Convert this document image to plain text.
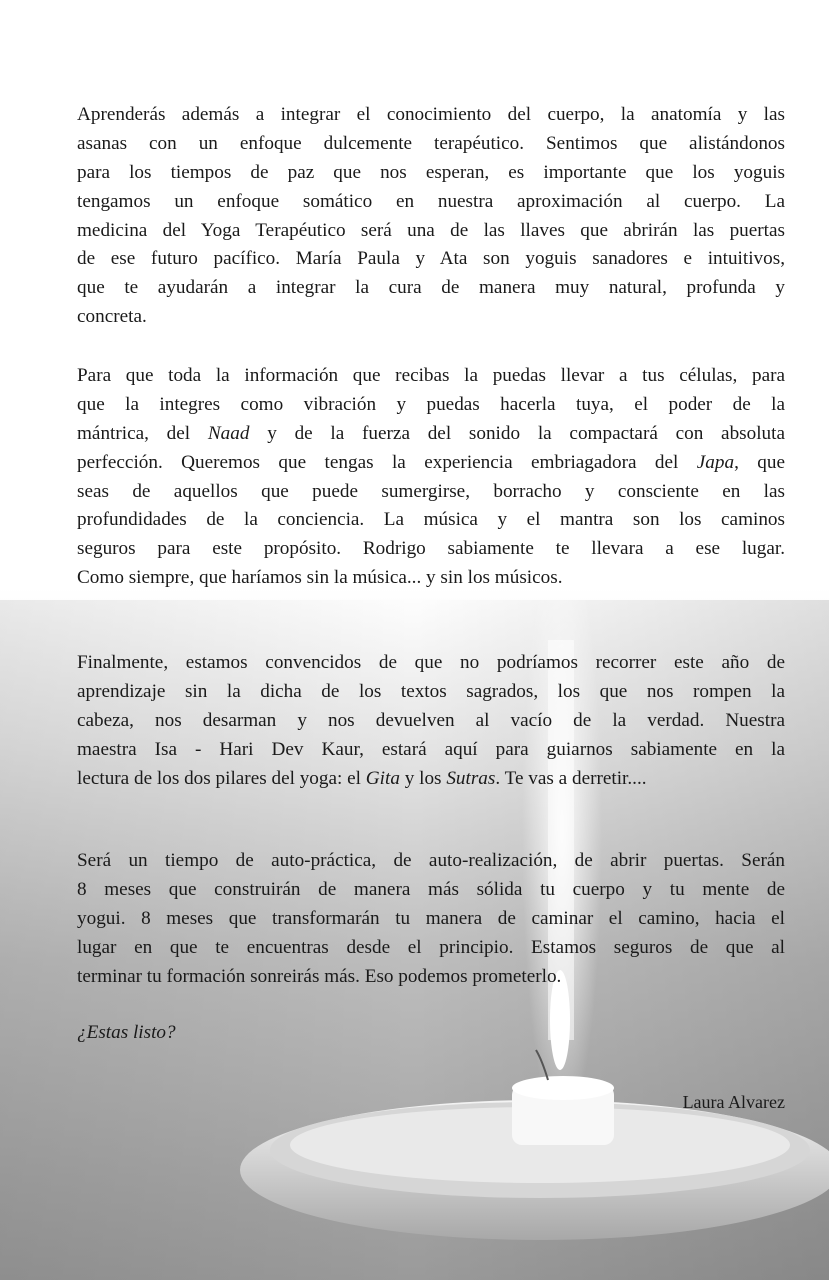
Aprenderás además a integrar el conocimiento del cuerpo, la anatomía y las
asanas con un enfoque dulcemente terapéutico. Sentimos que alistándonos
para los tiempos de paz que nos esperan, es importante que los yoguis
tengamos un enfoque somático en nuestra aproximación al cuerpo. La
medicina del Yoga Terapéutico será una de las llaves que abrirán las puertas
de ese futuro pacífico. María Paula y Ata son yoguis sanadores e intuitivos,
que te ayudarán a integrar la cura de manera muy natural, profunda y
concreta.
Para que toda la información que recibas la puedas llevar a tus células, para
que la integres como vibración y puedas hacerla tuya, el poder de la
mántrica, del Naad y de la fuerza del sonido la compactará con absoluta
perfección. Queremos que tengas la experiencia embriagadora del Japa, que
seas de aquellos que puede sumergirse, borracho y consciente en las
profundidades de la conciencia. La música y el mantra son los caminos
seguros para este propósito. Rodrigo sabiamente te llevara a ese lugar.
Como siempre, que haríamos sin la música... y sin los músicos.
Finalmente, estamos convencidos de que no podríamos recorrer este año de
aprendizaje sin la dicha de los textos sagrados, los que nos rompen la
cabeza, nos desarman y nos devuelven al vacío de la verdad. Nuestra
maestra Isa - Hari Dev Kaur, estará aquí para guiarnos sabiamente en la
lectura de los dos pilares del yoga: el Gita y los Sutras. Te vas a derretir....
Será un tiempo de auto-práctica, de auto-realización, de abrir puertas. Serán
8 meses que construirán de manera más sólida tu cuerpo y tu mente de
yogui. 8 meses que transformarán tu manera de caminar el camino, hacia el
lugar en que te encuentras desde el principio. Estamos seguros de que al
terminar tu formación sonreirás más. Eso podemos prometerlo.
¿Estas listo?
Laura Alvarez
